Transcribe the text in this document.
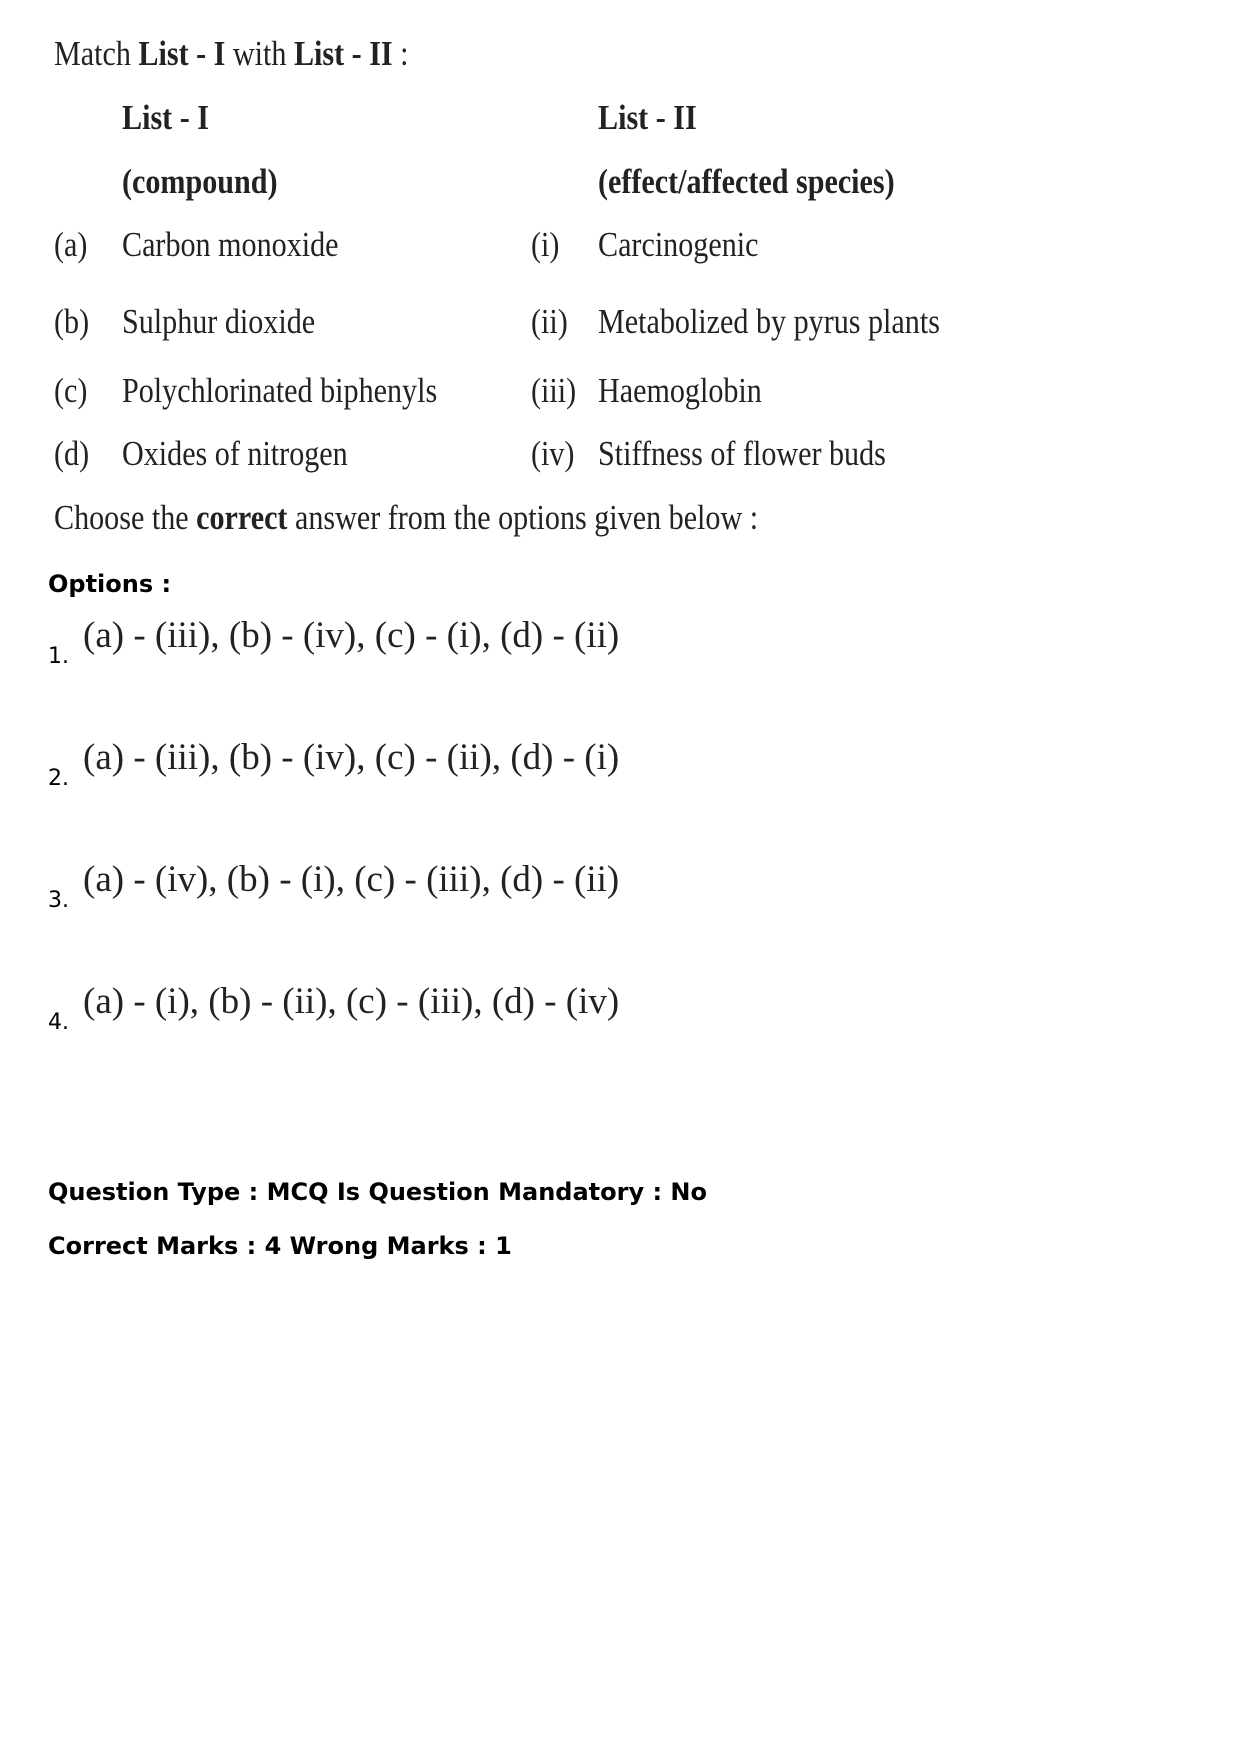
Match List - I with List - II :
List - I
(compound)
List - II
(effect/affected species)
(a) Carbon monoxide
(b) Sulphur dioxide
(c) Polychlorinated biphenyls
(d) Oxides of nitrogen
(i) Carcinogenic
(ii) Metabolized by pyrus plants
(iii) Haemoglobin
(iv) Stiffness of flower buds
Choose the correct answer from the options given below :
Options :
1.
(a) - (iii), (b) - (iv), (c) - (i), (d) - (ii)
2.
(a) - (iii), (b) - (iv), (c) - (ii), (d) - (i)
3.
(a) - (iv), (b) - (i), (c) - (iii), (d) - (ii)
4.
(a) - (i), (b) - (ii), (c) - (iii), (d) - (iv)
Question Type : MCQ Is Question Mandatory : No
Correct Marks : 4 Wrong Marks : 1
